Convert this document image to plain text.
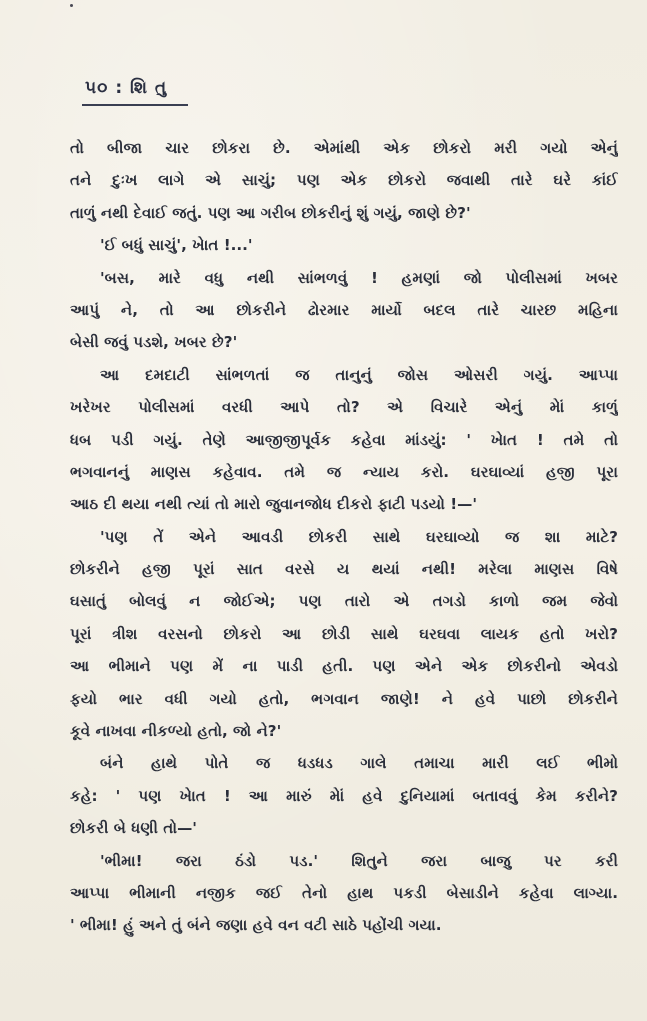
૫૦ : શિ તુ
તો બીજા ચાર છોકરા છે. એમાંથી એક છોકરો મરી ગયો એનું
તને દુઃખ લાગે એ સાચું; પણ એક છોકરો જવાથી તારે ઘરે કાંઈ
તાળું નથી દેવાઈ જતું. પણ આ ગરીબ છોકરીનું શું ગયું, જાણે છે?'
'ઈ બધું સાચું', ખેાત !...'
'બસ, મારે વધુ નથી સાંભળવું ! હમણાં જો પોલીસમાં ખબર
આપું ને, તો આ છોકરીને ઢોરમાર માર્યો બદલ તારે ચારછ મહિના
બેસી જવું પડશે, ખબર છે?'
આ દમદાટી સાંભળતાં જ તાનુનું જોસ ઓસરી ગયું. આપ્પા
ખરેખર પોલીસમાં વરધી આપે તો? એ વિચારે એનું મેાં કાળું
ધબ પડી ગયું. તેણે આજીજીપૂર્વક કહેવા માંડયું: ' ખેાત ! તમે તો
ભગવાનનું માણસ કહેવાવ. તમે જ ન્યાય કરો. ઘરઘાવ્યાં હજી પૂરા
આઠ દી થયા નથી ત્યાં તો મારો જુવાનજોધ દીકરો ફાટી પડયો !—'
'પણ તેં એને આવડી છોકરી સાથે ઘરઘાવ્યો જ શા માટે?
છોકરીને હજી પૂરાં સાત વરસે ય થયાં નથી! મરેલા માણસ વિષે
ઘસાતું બોલવું ન જોઈએ; પણ તારો એ તગડો કાળો જમ જેવો
પૂરાં ત્રીશ વરસનો છોકરો આ છોડી સાથે ઘરઘવા લાયક હતો ખરો?
આ ભીમાને પણ મેં ના પાડી હતી. પણ એને એક છોકરીનો એવડો
ફયો ભાર વધી ગયો હતો, ભગવાન જાણે! ને હવે પાછો છોકરીને
કૂવે નાખવા નીકળ્યો હતો, જો ને?'
બંને હાથે પોતે જ ધડધડ ગાલે તમાચા મારી લઈ ભીમો
કહે: ' પણ ખેાત ! આ મારું મેાં હવે દુનિયામાં બતાવવું કેમ કરીને?
છોકરી બે ધણી તો—'
'ભીમા! જરા ઠંડો પડ.' શિતુને જરા બાજુ પર કરી
આપ્પા ભીમાની નજીક જઈ તેનો હાથ પકડી બેસાડીને કહેવા લાગ્યા.
' ભીમા! હું અને તું બંને જણા હવે વન વટી સાઠે પહોંચી ગયા.
